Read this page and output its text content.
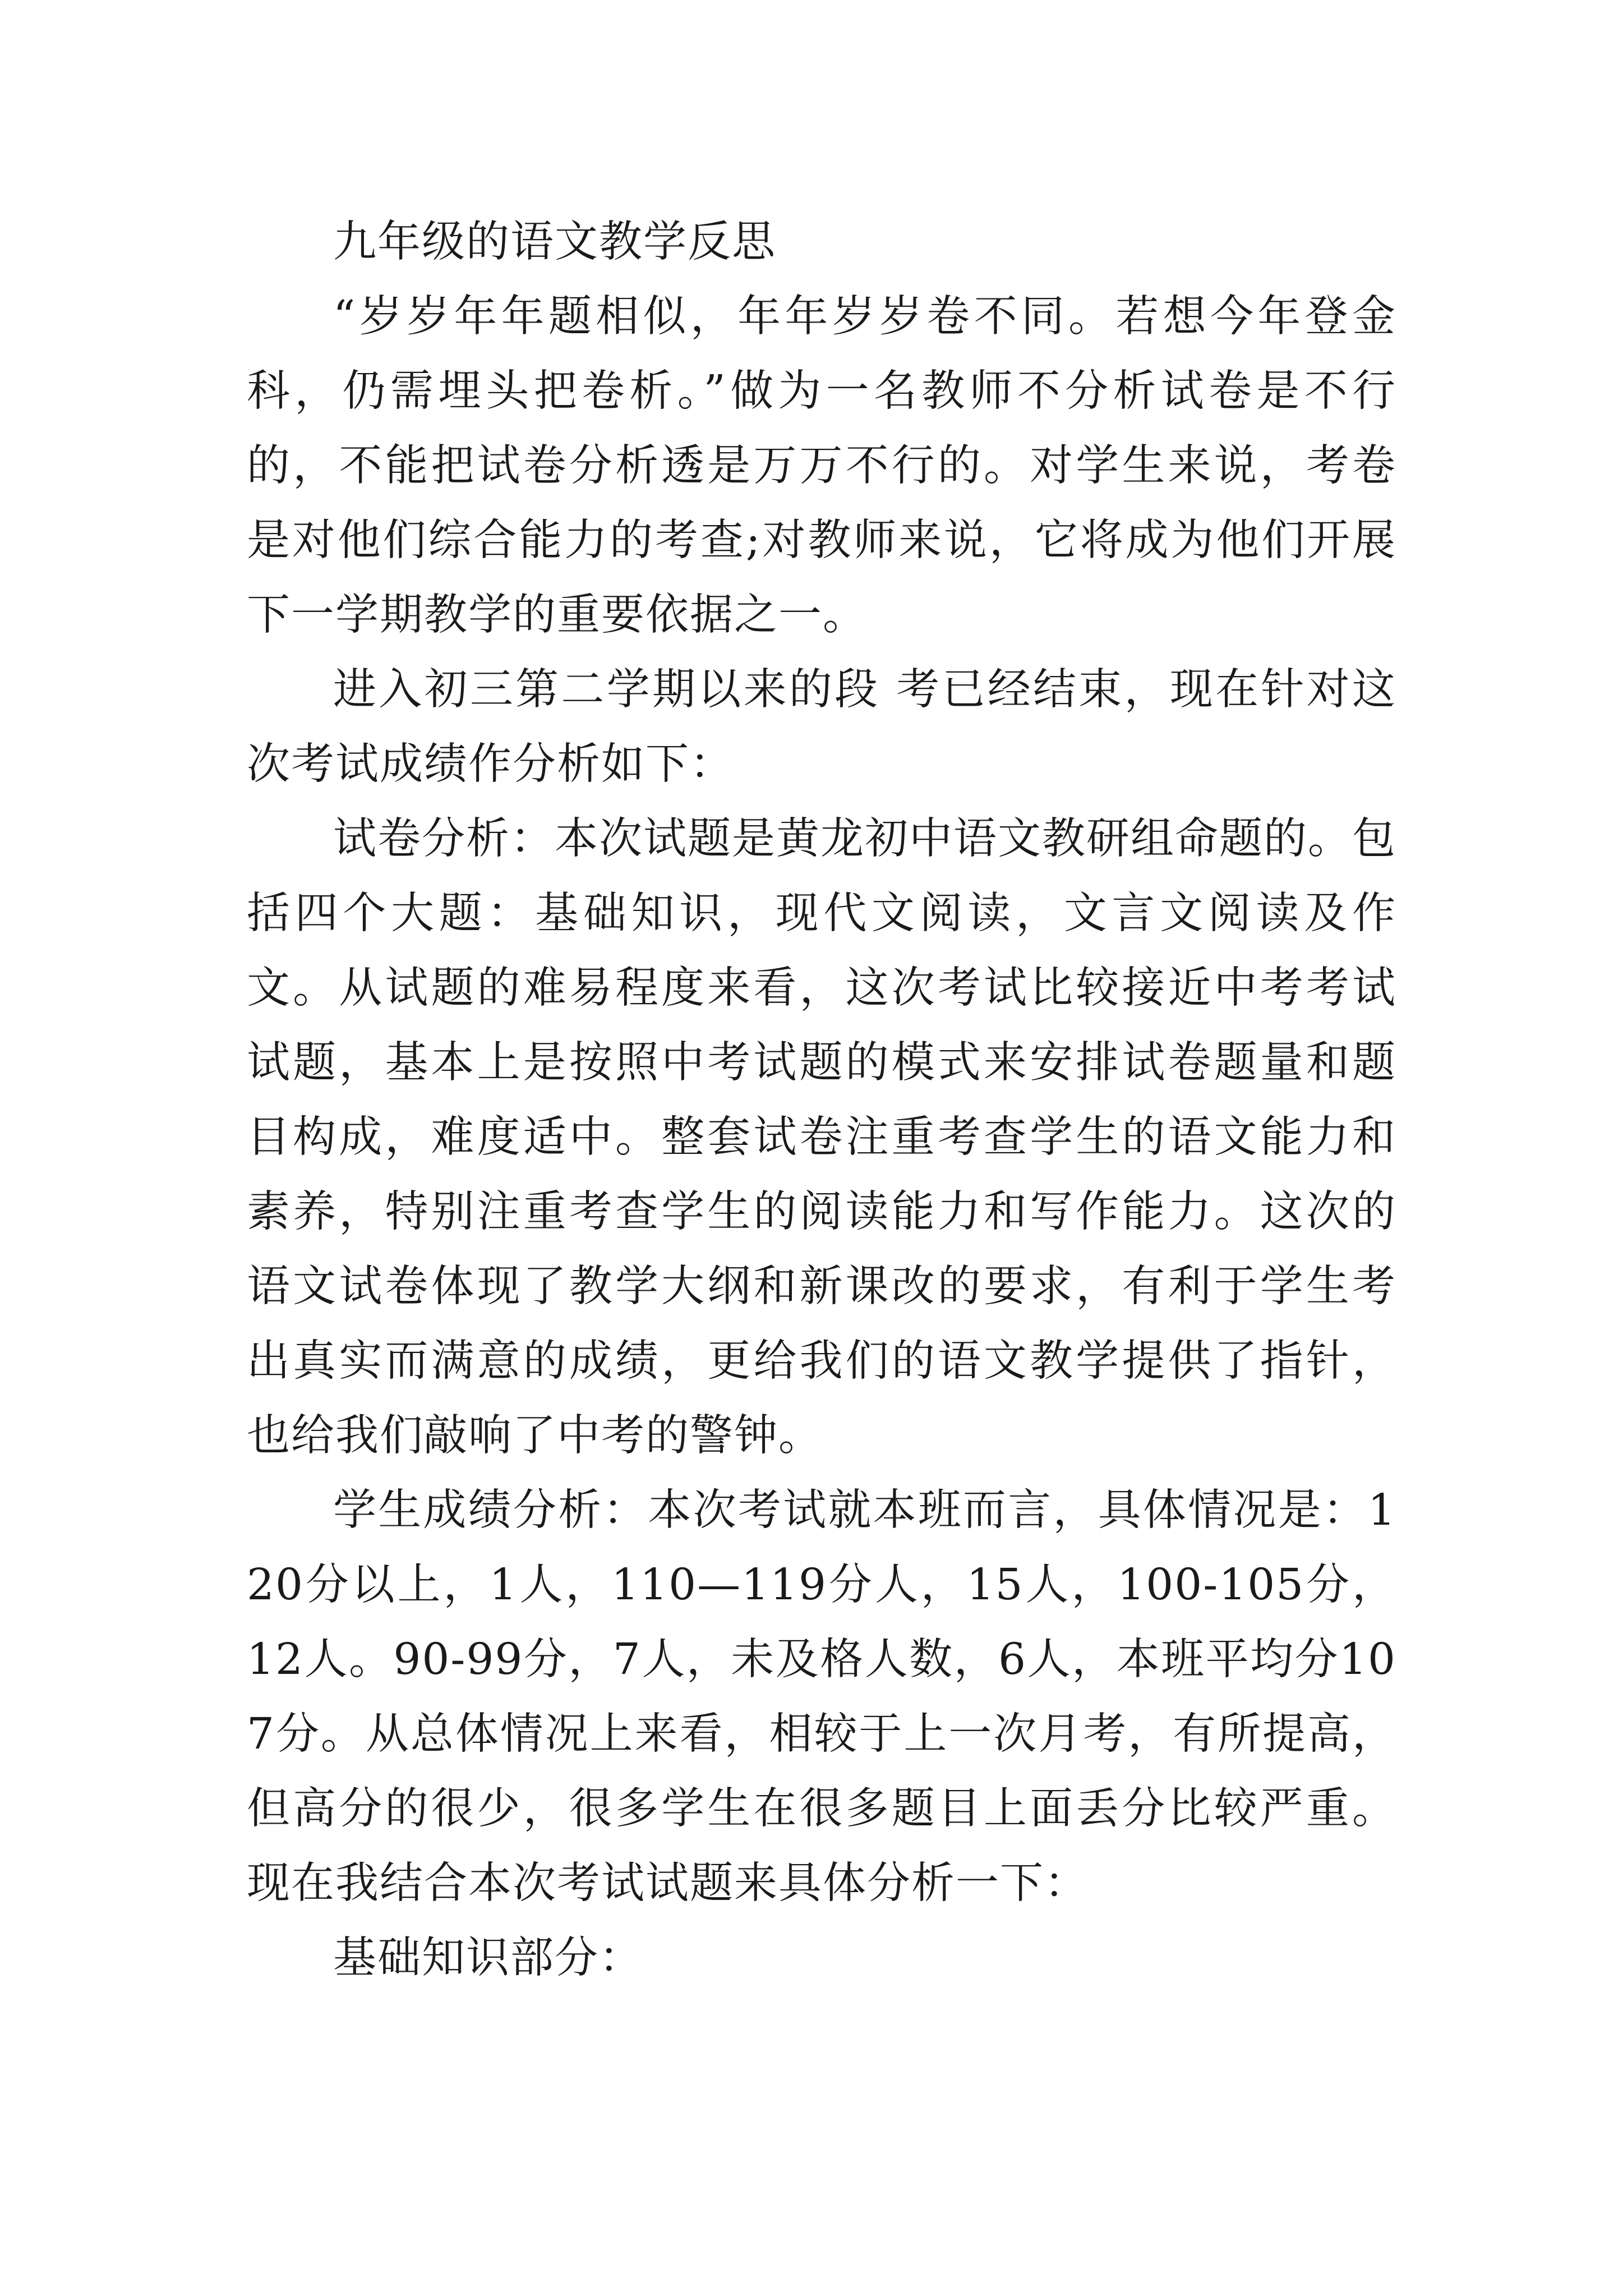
九年级的语文教学反思

“岁岁年年题相似，年年岁岁卷不同。若想今年登金科，仍需埋头把卷析。”做为一名教师不分析试卷是不行的，不能把试卷分析透是万万不行的。对学生来说，考卷是对他们综合能力的考查;对教师来说，它将成为他们开展下一学期教学的重要依据之一。

进入初三第二学期以来的段 考已经结束，现在针对这次考试成绩作分析如下：

试卷分析：本次试题是黄龙初中语文教研组命题的。包括四个大题：基础知识，现代文阅读，文言文阅读及作文。从试题的难易程度来看，这次考试比较接近中考考试试题，基本上是按照中考试题的模式来安排试卷题量和题目构成，难度适中。整套试卷注重考查学生的语文能力和素养，特别注重考查学生的阅读能力和写作能力。这次的语文试卷体现了教学大纲和新课改的要求，有利于学生考出真实而满意的成绩，更给我们的语文教学提供了指针，也给我们敲响了中考的警钟。

学生成绩分析：本次考试就本班而言，具体情况是：120分以上，1人，110—119分人，15人，100-105分，12人。90-99分，7人，未及格人数，6人，本班平均分107分。从总体情况上来看，相较于上一次月考，有所提高，但高分的很少，很多学生在很多题目上面丢分比较严重。现在我结合本次考试试题来具体分析一下：

基础知识部分：
